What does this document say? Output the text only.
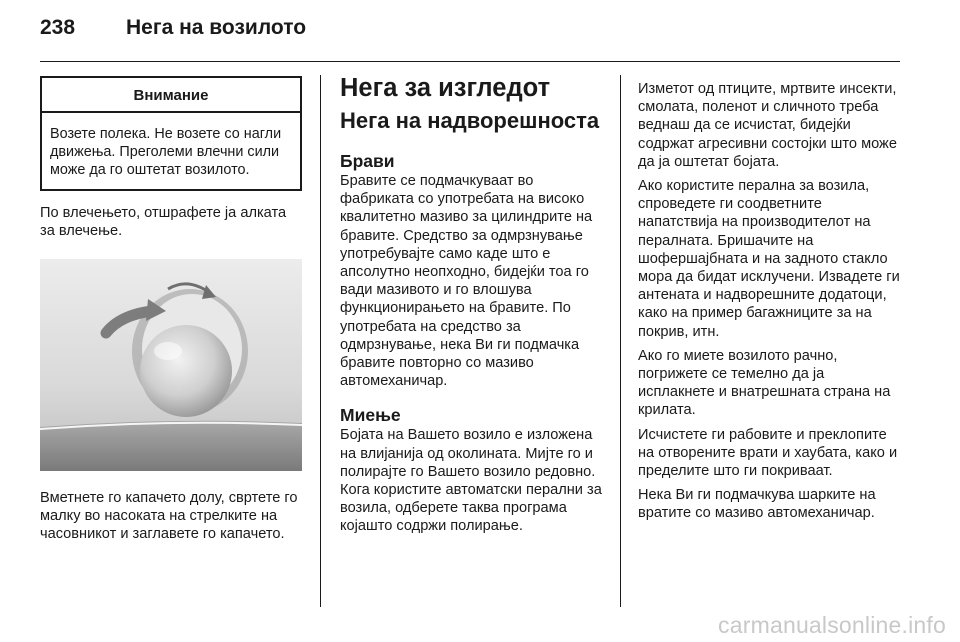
238	Нега на возилото
Внимание
Возете полека. Не возете со нагли движења. Преголеми влечни сили може да го оштетат возилото.

По влечењето, отшрафете ја алката за влечење.

Вметнете го капачето долу, свртете го малку во насоката на стрелките на часовникот и заглавете го капачето.

Нега за изгледот
Нега на надворешноста
Брави

Бравите се подмачкуваат во фабриката со употребата на високо квалитетно мазиво за цилиндрите на бравите. Средство за одмрзнување употребувајте само каде што е апсолутно неопходно, бидејќи тоа го вади мазивото и го влошува функционирањето на бравите. По употребата на средство за одмрзнување, нека Ви ги подмачка бравите повторно со мазиво автомеханичар.

Миење

Бојата на Вашето возило е изложена на влијанија од околината. Мијте го и полирајте го Вашето возило редовно. Кога користите автоматски перални за возила, одберете таква програма којашто содржи полирање.

Изметот од птиците, мртвите инсекти, смолата, поленот и сличното треба веднаш да се исчистат, бидејќи содржат агресивни состојки што може да ја оштетат бојата.

Ако користите перална за возила, спроведете ги соодветните напатствија на производителот на пералната. Бришачите на шофершајбната и на задното стакло мора да бидат исклучени. Извадете ги антената и надворешните додатоци, како на пример багажниците за на покрив, итн.

Ако го миете возилото рачно, погрижете се темелно да ја исплакнете и внатрешната страна на крилата.

Исчистете ги рабовите и преклопите на отворените врати и хаубата, како и пределите што ги покриваат.

Нека Ви ги подмачкува шарките на вратите со мазиво автомеханичар.

carmanualsonline.info
